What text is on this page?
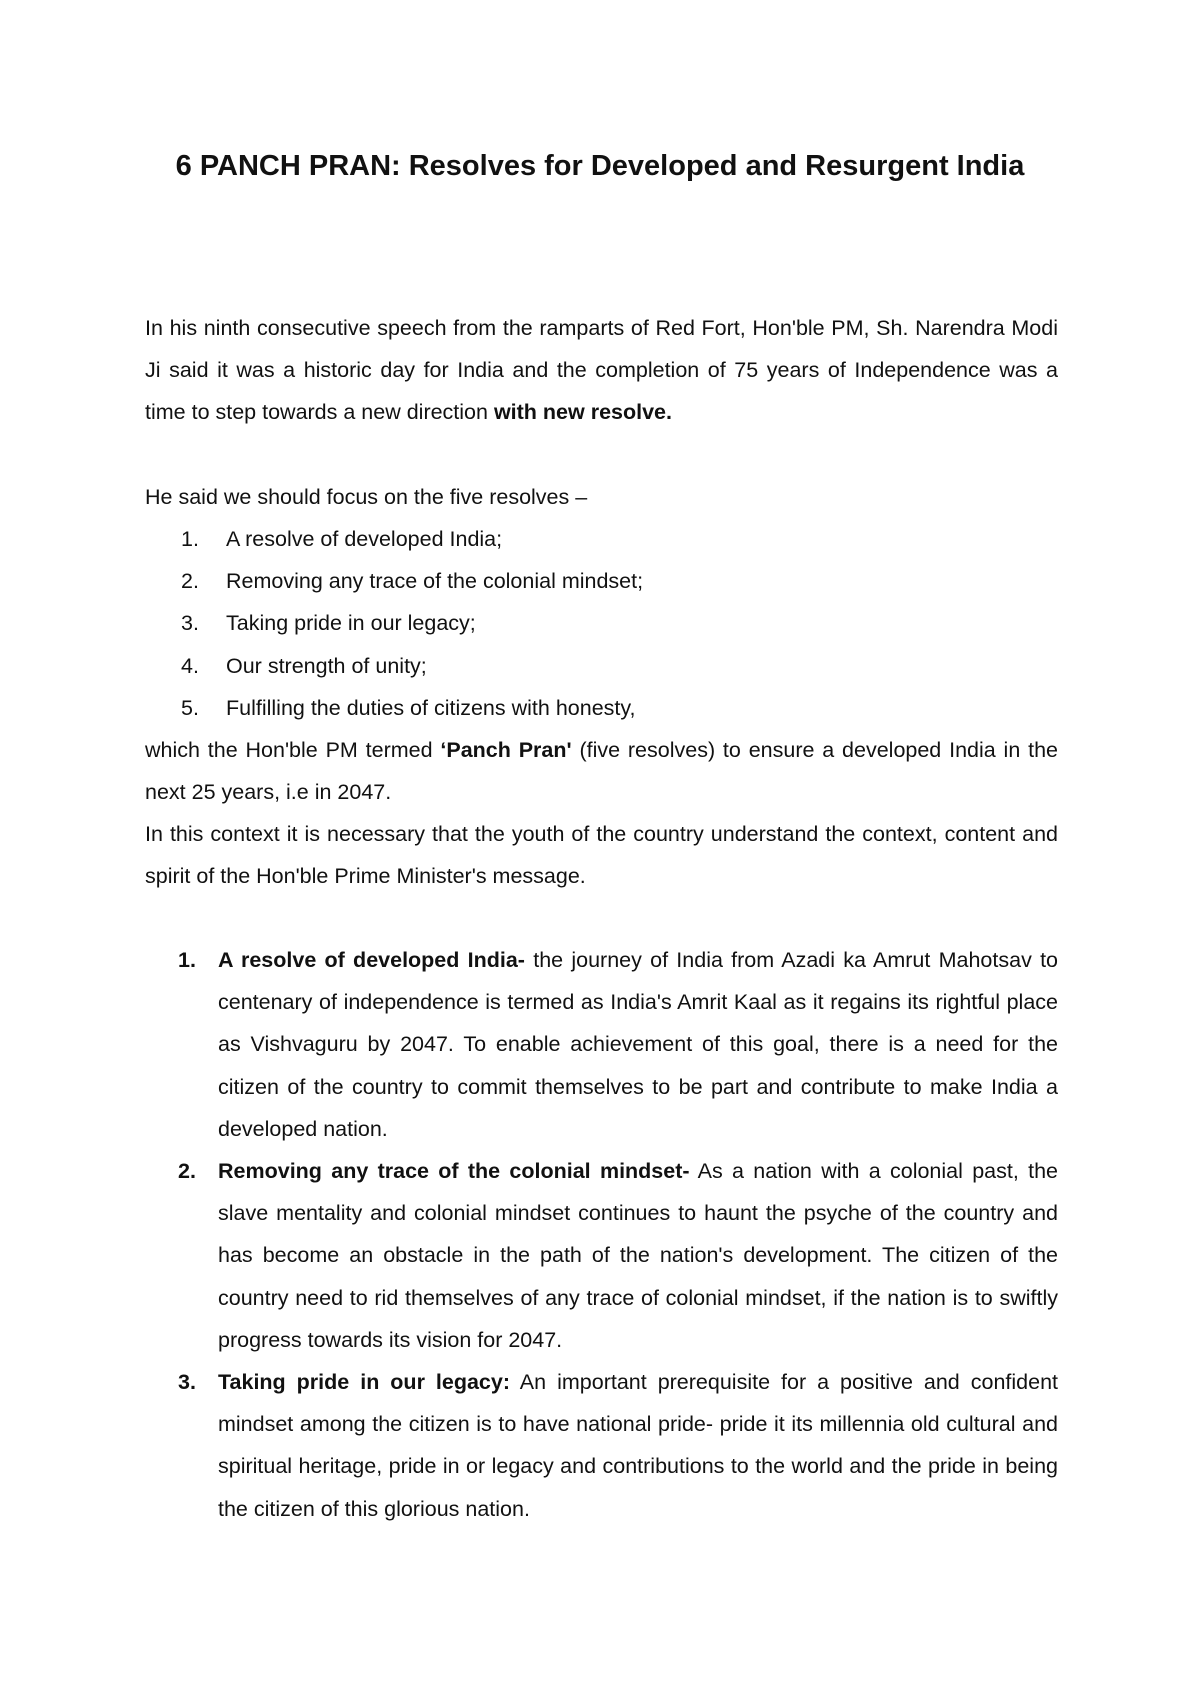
6 PANCH PRAN: Resolves for Developed and Resurgent India

In his ninth consecutive speech from the ramparts of Red Fort, Hon'ble PM, Sh. Narendra Modi Ji said it was a historic day for India and the completion of 75 years of Independence was a time to step towards a new direction with new resolve.

He said we should focus on the five resolves –

1. A resolve of developed India;
2. Removing any trace of the colonial mindset;
3. Taking pride in our legacy;
4. Our strength of unity;
5. Fulfilling the duties of citizens with honesty,

which the Hon'ble PM termed ‘Panch Pran' (five resolves) to ensure a developed India in the next 25 years, i.e in 2047.

In this context it is necessary that the youth of the country understand the context, content and spirit of the Hon'ble Prime Minister's message.

1. A resolve of developed India- the journey of India from Azadi ka Amrut Mahotsav to centenary of independence is termed as India's Amrit Kaal as it regains its rightful place as Vishvaguru by 2047. To enable achievement of this goal, there is a need for the citizen of the country to commit themselves to be part and contribute to make India a developed nation.
2. Removing any trace of the colonial mindset- As a nation with a colonial past, the slave mentality and colonial mindset continues to haunt the psyche of the country and has become an obstacle in the path of the nation's development. The citizen of the country need to rid themselves of any trace of colonial mindset, if the nation is to swiftly progress towards its vision for 2047.
3. Taking pride in our legacy: An important prerequisite for a positive and confident mindset among the citizen is to have national pride- pride it its millennia old cultural and spiritual heritage, pride in or legacy and contributions to the world and the pride in being the citizen of this glorious nation.
